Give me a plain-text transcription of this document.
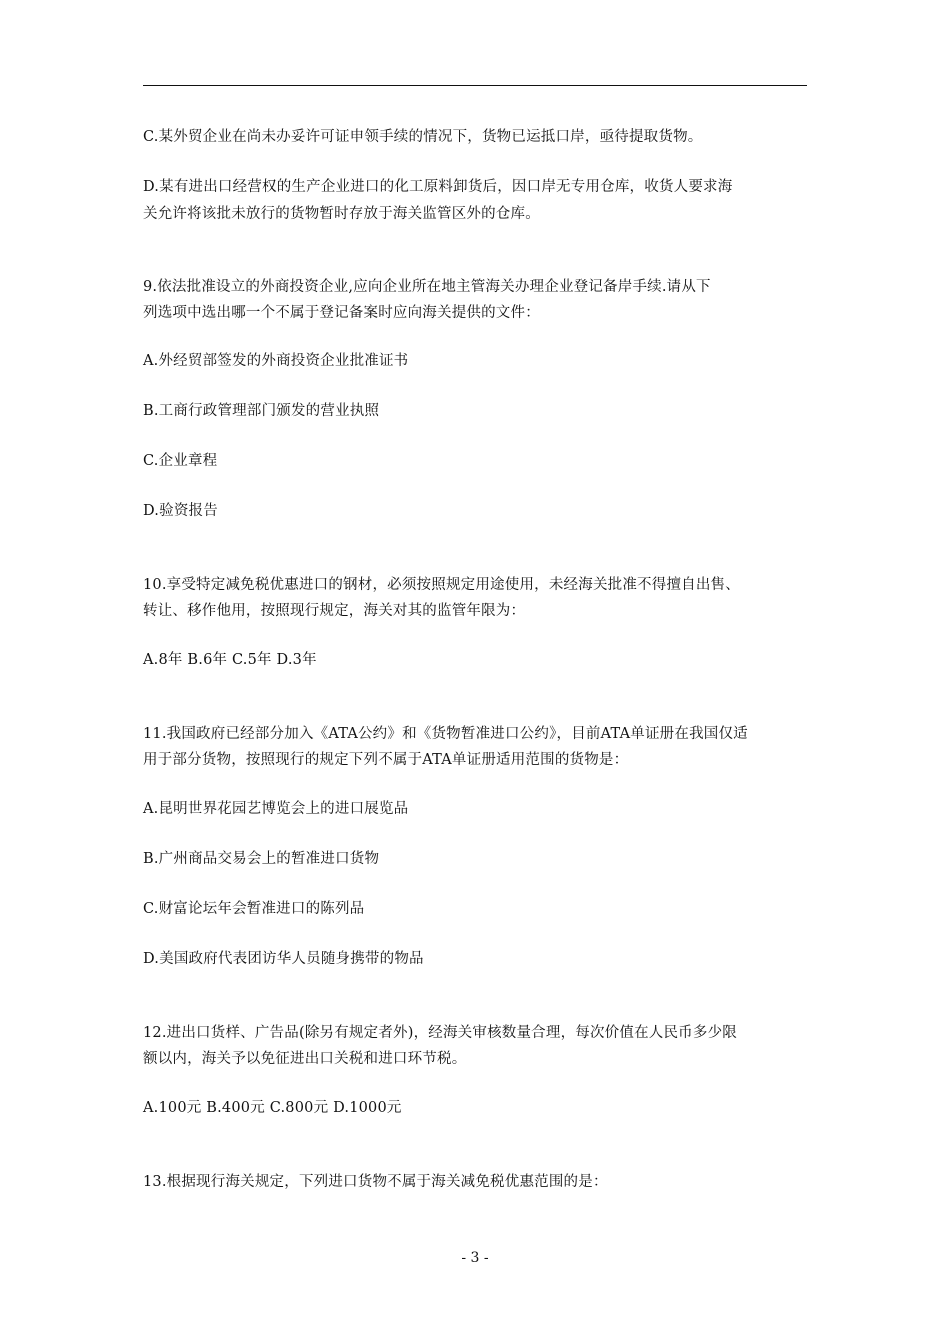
C.某外贸企业在尚未办妥许可证申领手续的情况下，货物已运抵口岸，亟待提取货物。
D.某有进出口经营权的生产企业进口的化工原料卸货后，因口岸无专用仓库，收货人要求海
关允许将该批未放行的货物暂时存放于海关监管区外的仓库。
9.依法批准设立的外商投资企业,应向企业所在地主管海关办理企业登记备岸手续.请从下
列选项中选出哪一个不属于登记备案时应向海关提供的文件：
A.外经贸部签发的外商投资企业批准证书
B.工商行政管理部门颁发的营业执照
C.企业章程
D.验资报告
10.享受特定减免税优惠进口的钢材，必须按照规定用途使用，未经海关批准不得擅自出售、
转让、移作他用，按照现行规定，海关对其的监管年限为：
A.8年 B.6年 C.5年 D.3年
11.我国政府已经部分加入《ATA公约》和《货物暂准进口公约》，目前ATA单证册在我国仅适
用于部分货物，按照现行的规定下列不属于ATA单证册适用范围的货物是：
A.昆明世界花园艺博览会上的进口展览品
B.广州商品交易会上的暂准进口货物
C.财富论坛年会暂准进口的陈列品
D.美国政府代表团访华人员随身携带的物品
12.进出口货样、广告品(除另有规定者外)，经海关审核数量合理，每次价值在人民币多少限
额以内，海关予以免征进出口关税和进口环节税。
A.100元 B.400元 C.800元 D.1000元
13.根据现行海关规定，下列进口货物不属于海关减免税优惠范围的是：
- 3 -
